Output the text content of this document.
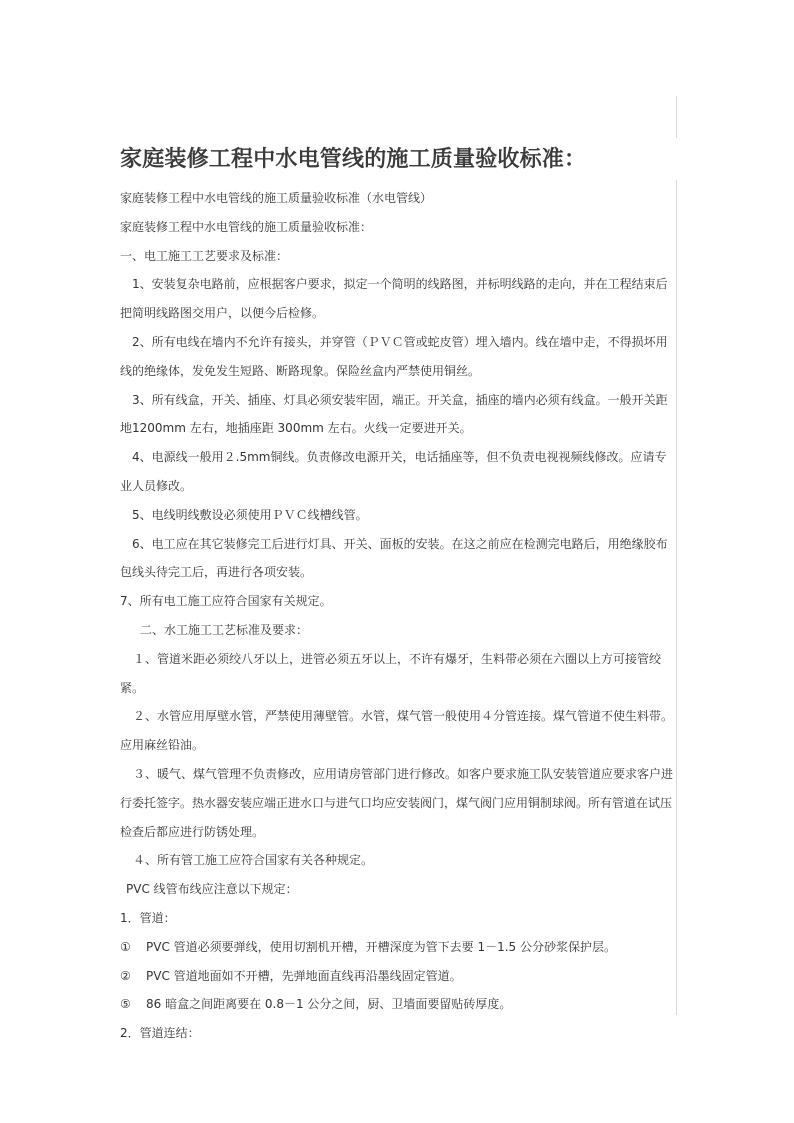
家庭装修工程中水电管线的施工质量验收标准：

家庭装修工程中水电管线的施工质量验收标准（水电管线）

家庭装修工程中水电管线的施工质量验收标准：

一、电工施工工艺要求及标准：

1、安装复杂电路前，应根据客户要求，拟定一个简明的线路图，并标明线路的走向，并在工程结束后把简明线路图交用户，以便今后检修。

2、所有电线在墙内不允许有接头，并穿管（ＰＶＣ管或蛇皮管）埋入墙内。线在墙中走，不得损坏用线的绝缘体，发免发生短路、断路现象。保险丝盒内严禁使用铜丝。

3、所有线盒，开关、插座、灯具必须安装牢固，端正。开关盒，插座的墙内必须有线盒。一般开关距地1200mm 左右，地插座距 300mm 左右。火线一定要进开关。

4、电源线一般用２.5mm铜线。负责修改电源开关，电话插座等，但不负责电视视频线修改。应请专业人员修改。

5、电线明线敷设必须使用ＰＶＣ线槽线管。

6、电工应在其它装修完工后进行灯具、开关、面板的安装。在这之前应在检测完电路后，用绝缘胶布包线头待完工后，再进行各项安装。

7、所有电工施工应符合国家有关规定。

二、水工施工工艺标准及要求：

１、管道米距必须绞八牙以上，进管必须五牙以上，不许有爆牙，生料带必须在六圈以上方可接管绞紧。

２、水管应用厚壁水管，严禁使用薄壁管。水管，煤气管一般使用４分管连接。煤气管道不使生料带。应用麻丝铅油。

３、暖气、煤气管理不负责修改，应用请房管部门进行修改。如客户要求施工队安装管道应要求客户进行委托签字。热水器安装应端正进水口与进气口均应安装阀门，煤气阀门应用铜制球阀。所有管道在试压检查后都应进行防锈处理。

４、所有管工施工应符合国家有关各种规定。

PVC 线管布线应注意以下规定：

1．管道：

① PVC 管道必须要弹线，使用切割机开槽，开槽深度为管下去要 1－1.5 公分砂浆保护层。

② PVC 管道地面如不开槽，先弹地面直线再沿墨线固定管道。

⑤ 86 暗盒之间距离要在 0.8－1 公分之间，厨、卫墙面要留贴砖厚度。

2．管道连结：
